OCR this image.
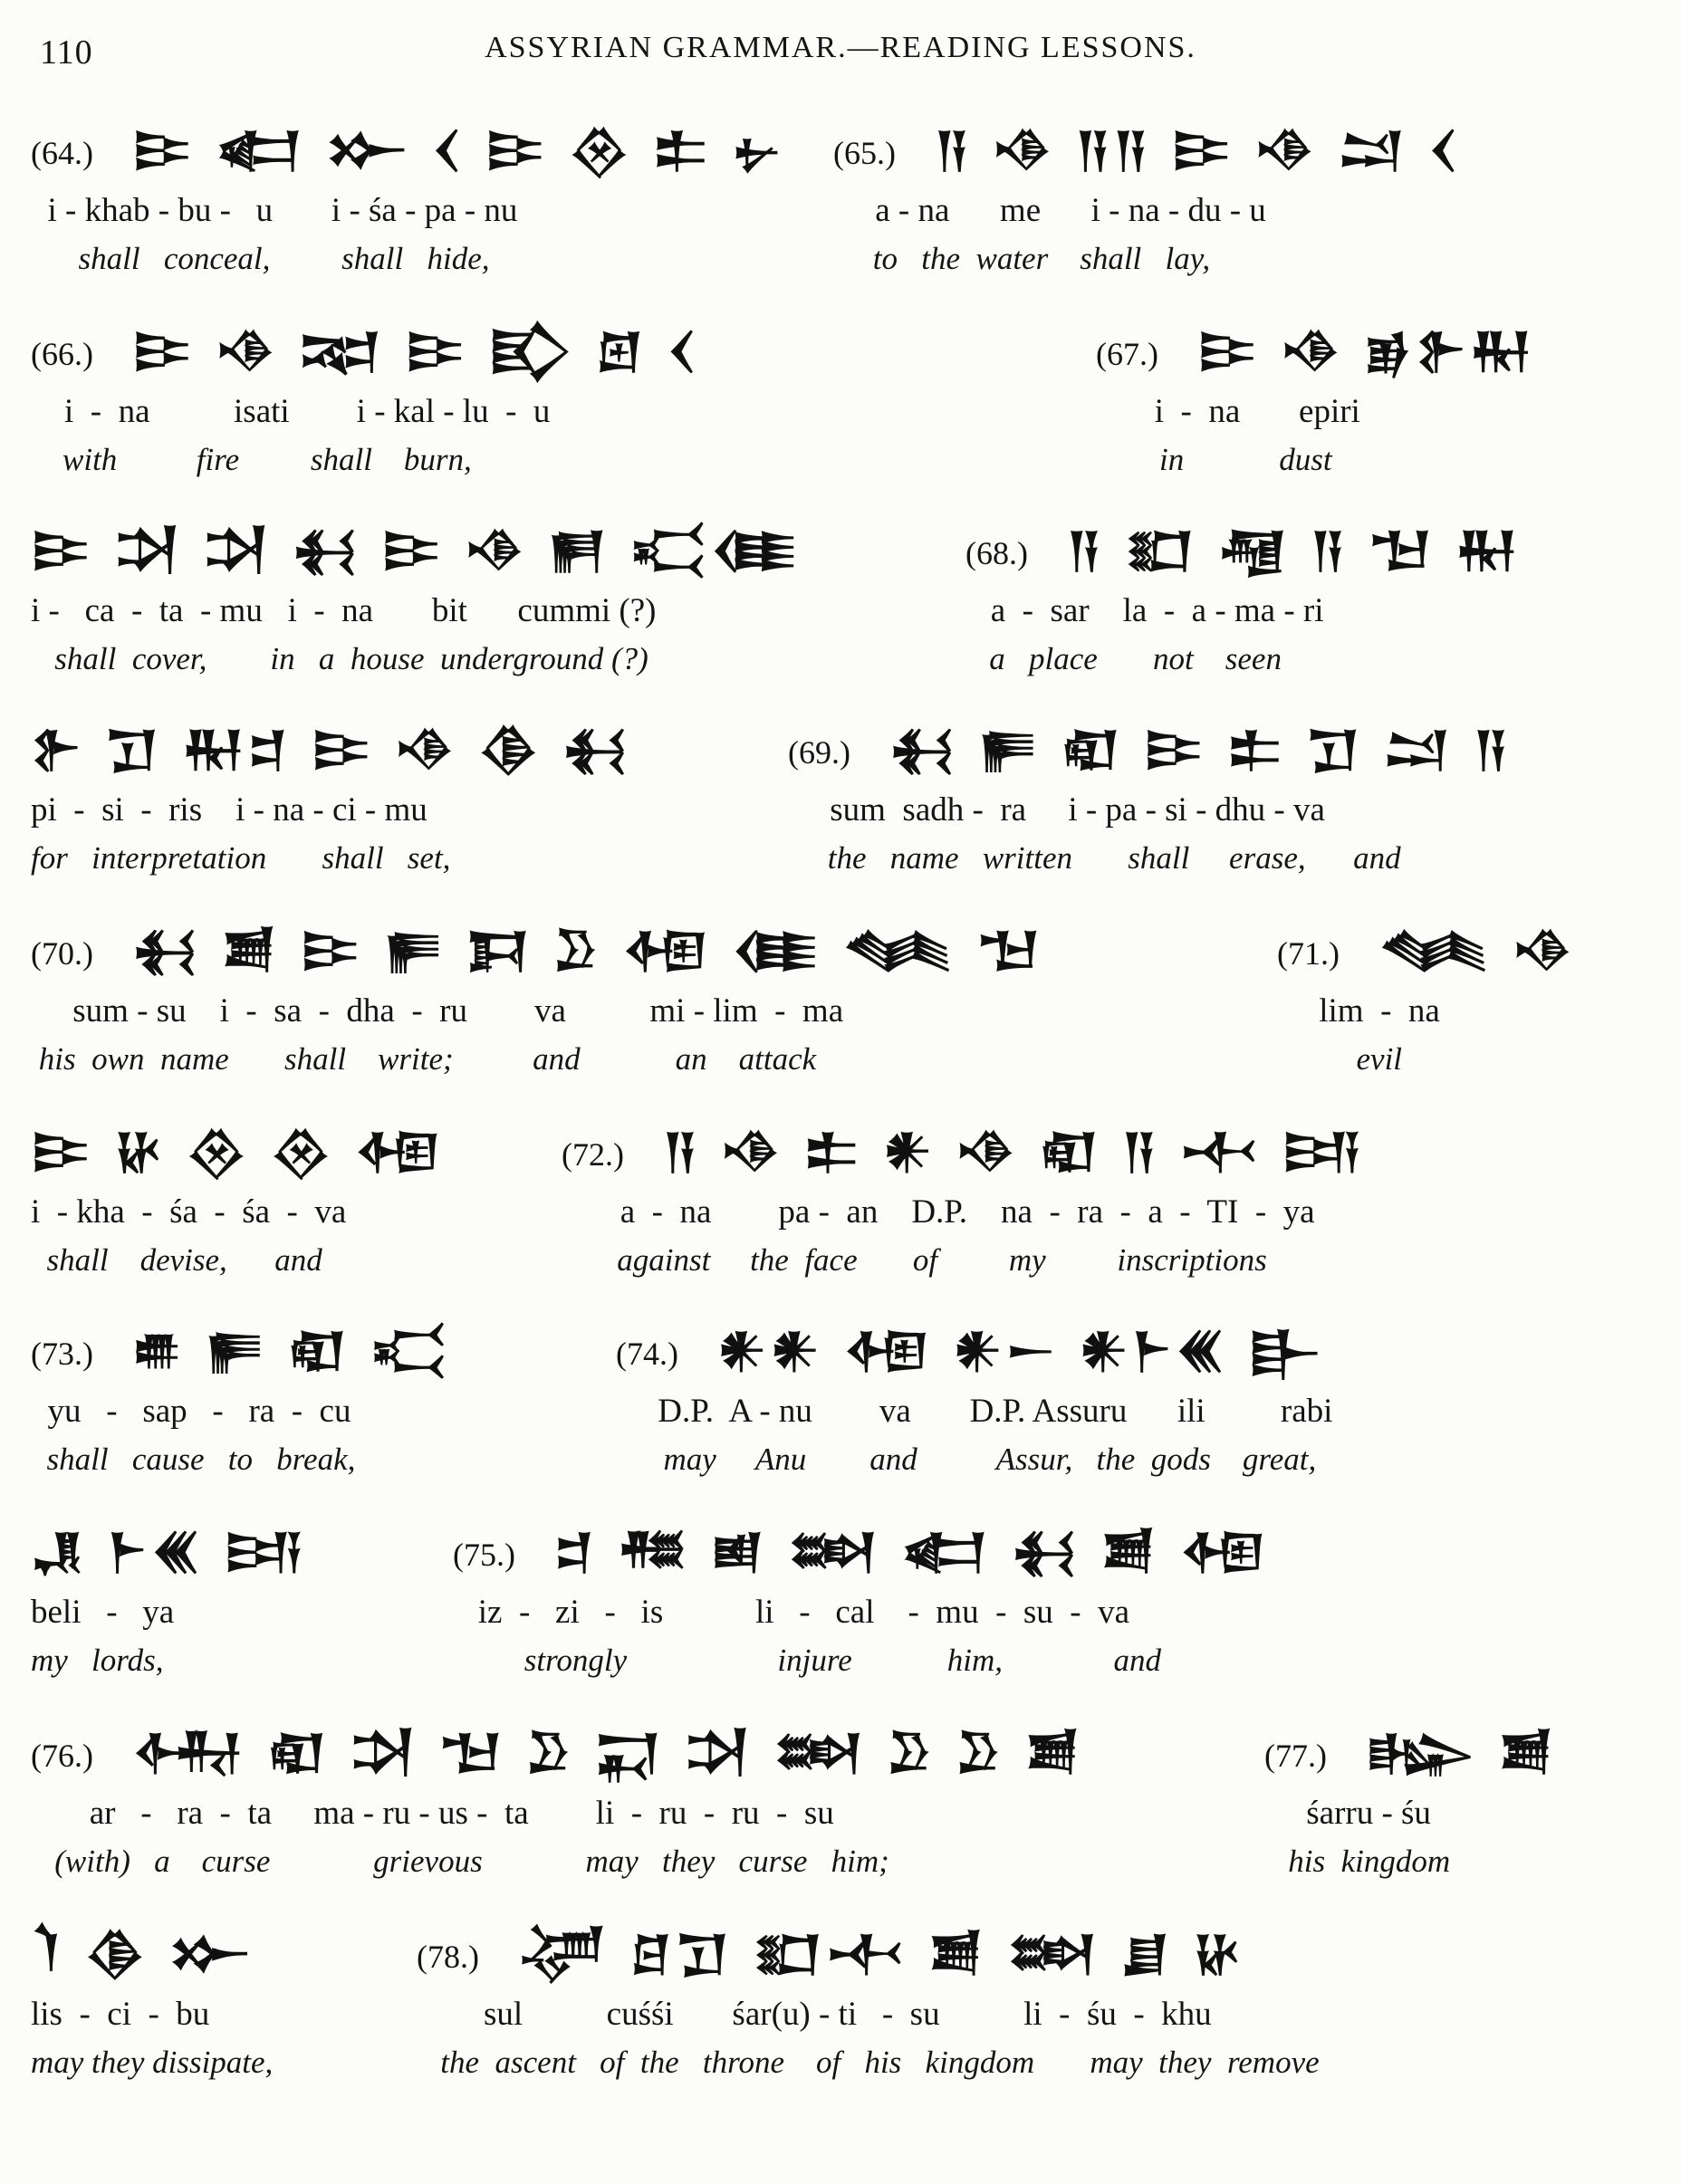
110	ASSYRIAN GRAMMAR.—READING LESSONS.
(64.) 𒄿 𒅗 𒁍 𒌋 𒄿 𒊮 𒉺 𒉡
i - khab - bu -   u       i - śa - pa - nu
shall   conceal,         shall   hide,
(65.) 𒀀 𒈾 𒀀𒀀 𒄿 𒈾 𒁺 𒌋
a - na      me      i - na - du - u
to   the  water    shall   lay,
(66.) 𒄿 𒈾 𒉈 𒄿 𒃼 𒇻 𒌋
i  -  na          isati        i - kal - lu  -  u
with          fire         shall    burn,
(67.) 𒄿 𒈾 𒂊𒉿𒊑
i  -  na       epiri
in            dust
𒄿 𒋫 𒋫 𒈬 𒄿 𒈾 𒂍 𒄣𒈪
i -   ca  -  ta  - mu   i  -  na       bit      cummi (?)
shall  cover,        in   a  house  underground (?)
(68.) 𒀀 𒊬 𒆷 𒀀 𒈠 𒊑
a  -  sar    la  -  a - ma - ri
a   place       not    seen
𒉿 𒋛 𒊑𒄑 𒄿 𒈾 𒆠 𒈬
pi  -  si  -  ris    i - na - ci - mu
for   interpretation       shall   set,
(69.) 𒈬 𒊓 𒊏 𒄿 𒉺 𒋛 𒁺 𒀀
sum  sadh -  ra     i - pa - si - dhu - va
the   name   written       shall     erase,      and
(70.) 𒈬 𒋢 𒄿 𒊓 𒁕 𒊒 𒅇 𒈪 𒈝 𒈠
sum - su    i  -  sa  -  dha  -  ru        va          mi - lim  -  ma
his  own  name       shall    write;          and            an    attack
(71.) 𒈝 𒈾
lim  -  na
evil
𒄿 𒄩 𒊮 𒊮 𒅇
i  - kha  -  śa  -  śa  -  va
shall    devise,      and
(72.) 𒀀 𒈾 𒉺 𒀭 𒈾 𒊏 𒀀 𒋾 𒅀
a  -  na        pa -  an    D.P.    na  -  ra  -  a  -  TI  -  ya
against     the  face       of         my         inscriptions
(73.) 𒌑 𒊓 𒊏 𒄣
yu   -   sap   -   ra  -  cu
shall   cause   to   break,
(74.) 𒀭𒀭 𒅇 𒀭𒀸 𒀭𒈨𒌍 𒃲
D.P.  A - nu        va       D.P. Assuru      ili         rabi
may     Anu        and          Assur,   the  gods    great,
𒂗 𒈨𒌍 𒅀
beli   -   ya
my   lords,
(75.) 𒄑 𒍣 𒅖 𒇷 𒅗 𒈬 𒋢 𒅇
iz  -   zi   -   is           li   -   cal    -  mu  -  su  -  va
strongly                   injure            him,              and
(76.) 𒅈 𒊏 𒋫 𒈠 𒊒 𒍑 𒋫 𒇷 𒊒 𒊒 𒋢
ar   -   ra  -  ta     ma - ru - us -  ta        li  -  ru  -  ru  -  su
(with)   a    curse             grievous             may   they   curse   him;
(77.) 𒈗 𒋢
śarru - śu
his  kingdom
𒇺 𒆠 𒁍
lis  -  ci  -  bu
may they dissipate,
(78.) 𒋚 𒆪𒋛 𒊬𒋾 𒋢 𒇷 𒋗 𒄩
sul          cuśśi       śar(u) - ti   -  su          li  -  śu  -  khu
the  ascent   of  the   throne    of   his   kingdom       may  they  remove
